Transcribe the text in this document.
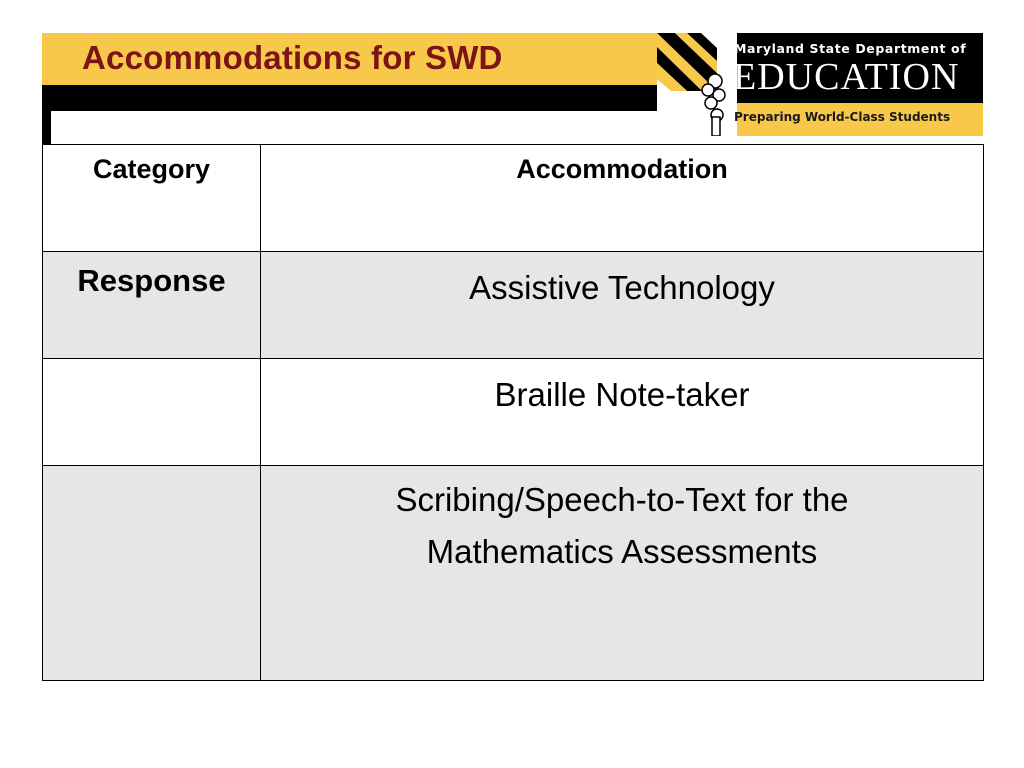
Accommodations for SWD	Maryland State Department of
EDUCATION
Preparing World-Class Students
Category	Accommodation

Response	Assistive Technology

	Braille Note-taker

	Scribing/Speech-to-Text for the
Mathematics Assessments
